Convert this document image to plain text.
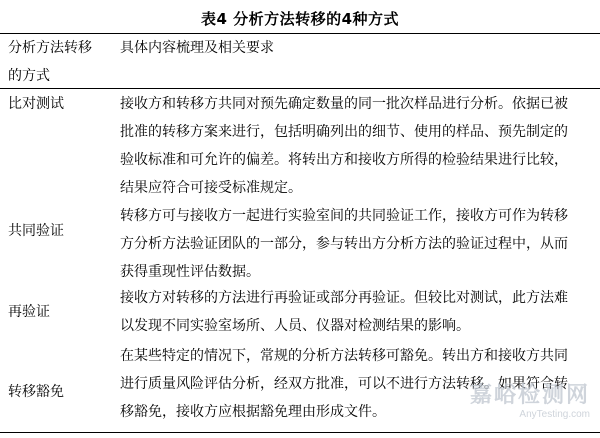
表4 分析方法转移的4种方式
分析方法转移
的方式
具体内容梳理及相关要求
比对测试	接收方和转移方共同对预先确定数量的同一批次样品进行分析。依据已被
批准的转移方案来进行，包括明确列出的细节、使用的样品、预先制定的
验收标准和可允许的偏差。将转出方和接收方所得的检验结果进行比较，
结果应符合可接受标准规定。
共同验证
转移方可与接收方一起进行实验室间的共同验证工作，接收方可作为转移
方分析方法验证团队的一部分，参与转出方分析方法的验证过程中，从而
获得重现性评估数据。
再验证
接收方对转移的方法进行再验证或部分再验证。但较比对测试，此方法难
以发现不同实验室场所、人员、仪器对检测结果的影响。
转移豁免
在某些特定的情况下，常规的分析方法转移可豁免。转出方和接收方共同
进行质量风险评估分析，经双方批准，可以不进行方法转移。如果符合转
移豁免，接收方应根据豁免理由形成文件。
嘉峪检测网
AnyTesting.com
